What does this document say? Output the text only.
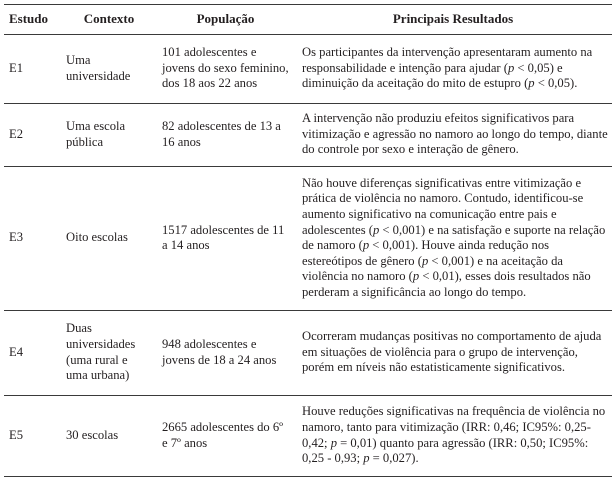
Estudo	Contexto	População	Principais Resultados
E1	Uma universidade	101 adolescentes e jovens do sexo feminino, dos 18 aos 22 anos	Os participantes da intervenção apresentaram aumento na responsabilidade e intenção para ajudar (p < 0,05) e diminuição da aceitação do mito de estupro (p < 0,05).
E2	Uma escola pública	82 adolescentes de 13 a 16 anos	A intervenção não produziu efeitos significativos para vitimização e agressão no namoro ao longo do tempo, diante do controle por sexo e interação de gênero.
E3	Oito escolas	1517 adolescentes de 11 a 14 anos	Não houve diferenças significativas entre vitimização e prática de violência no namoro. Contudo, identificou-se aumento significativo na comunicação entre pais e adolescentes (p < 0,001) e na satisfação e suporte na relação de namoro (p < 0,001). Houve ainda redução nos estereótipos de gênero (p < 0,001) e na aceitação da violência no namoro (p < 0,01), esses dois resultados não perderam a significância ao longo do tempo.
E4	Duas universidades (uma rural e uma urbana)	948 adolescentes e jovens de 18 a 24 anos	Ocorreram mudanças positivas no comportamento de ajuda em situações de violência para o grupo de intervenção, porém em níveis não estatisticamente significativos.
E5	30 escolas	2665 adolescentes do 6º e 7º anos	Houve reduções significativas na frequência de violência no namoro, tanto para vitimização (IRR: 0,46; IC95%: 0,25-0,42; p = 0,01) quanto para agressão (IRR: 0,50; IC95%: 0,25 - 0,93; p = 0,027).
